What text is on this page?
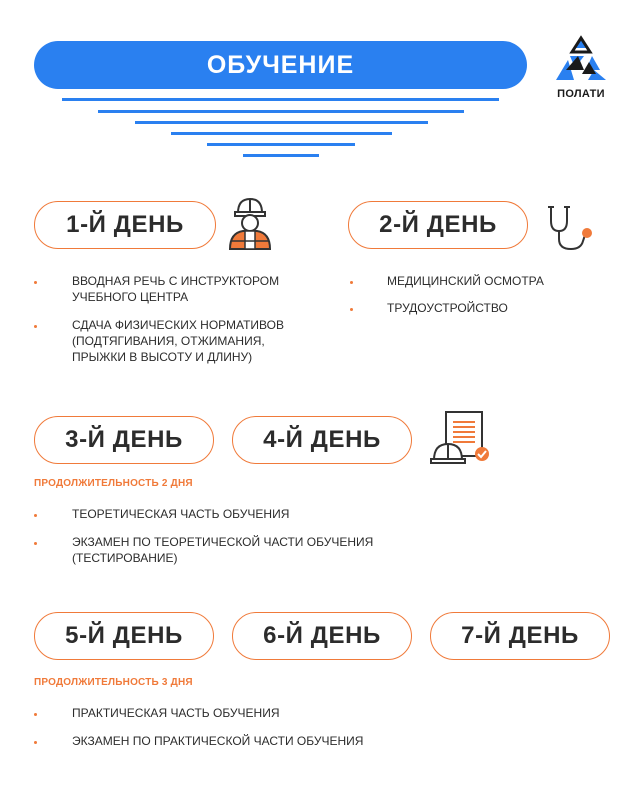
ОБУЧЕНИЕ
ПОЛАТИ
1-Й ДЕНЬ	2-Й ДЕНЬ
ВВОДНАЯ РЕЧЬ С ИНСТРУКТОРОМ
УЧЕБНОГО ЦЕНТРА
СДАЧА ФИЗИЧЕСКИХ НОРМАТИВОВ
(ПОДТЯГИВАНИЯ, ОТЖИМАНИЯ,
ПРЫЖКИ В ВЫСОТУ И ДЛИНУ)
МЕДИЦИНСКИЙ ОСМОТРА
ТРУДОУСТРОЙСТВО
3-Й ДЕНЬ	4-Й ДЕНЬ
ПРОДОЛЖИТЕЛЬНОСТЬ 2 ДНЯ
ТЕОРЕТИЧЕСКАЯ ЧАСТЬ ОБУЧЕНИЯ
ЭКЗАМЕН ПО ТЕОРЕТИЧЕСКОЙ ЧАСТИ ОБУЧЕНИЯ
(ТЕСТИРОВАНИЕ)
5-Й ДЕНЬ	6-Й ДЕНЬ	7-Й ДЕНЬ
ПРОДОЛЖИТЕЛЬНОСТЬ 3 ДНЯ
ПРАКТИЧЕСКАЯ ЧАСТЬ ОБУЧЕНИЯ
ЭКЗАМЕН ПО ПРАКТИЧЕСКОЙ ЧАСТИ ОБУЧЕНИЯ
